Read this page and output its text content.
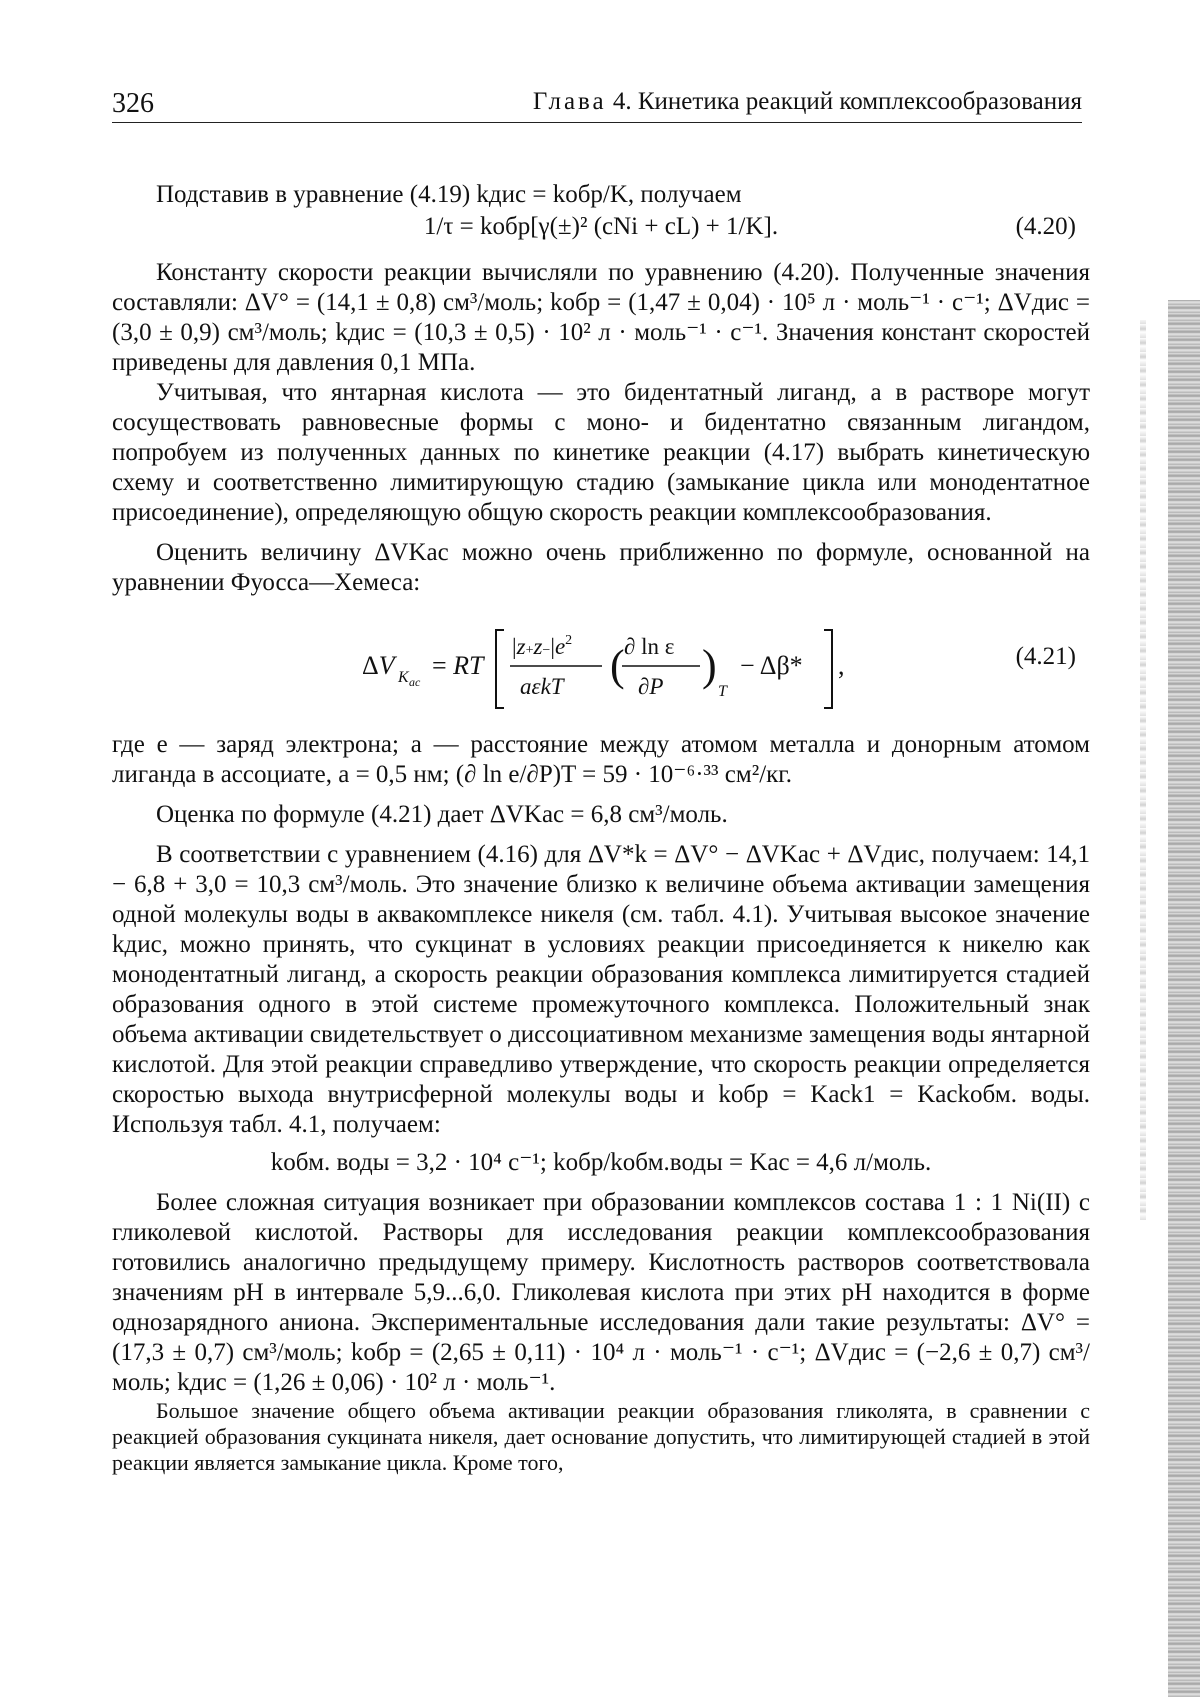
326	Глава 4. Кинетика реакций комплексообразования

Подставив в уравнение (4.19) kдис = kобр/K, получаем

1/τ = kобр[γ(±)² (cNi + cL) + 1/K].	(4.20)

Константу скорости реакции вычисляли по уравнению (4.20). Полученные значения составляли: ΔV° = (14,1 ± 0,8) см³/моль; kобр = (1,47 ± 0,04) · 10⁵ л · моль⁻¹ · с⁻¹; ΔVдис = (3,0 ± 0,9) см³/моль; kдис = (10,3 ± 0,5) · 10² л · моль⁻¹ · с⁻¹. Значения констант скоростей приведены для давления 0,1 МПа.

Учитывая, что янтарная кислота — это бидентатный лиганд, а в растворе могут сосуществовать равновесные формы с моно- и бидентатно связанным лигандом, попробуем из полученных данных по кинетике реакции (4.17) выбрать кинетическую схему и соответственно лимитирующую стадию (замыкание цикла или монодентатное присоединение), определяющую общую скорость реакции комплексообразования.

Оценить величину ΔVKac можно очень приближенно по формуле, основанной на уравнении Фуосса—Хемеса:

ΔV K ac
= RT
$|z+z-|e^2$
aεkT ( ∂ ln ε
∂P )
T
− Δβ* ,	(4.21)

где e — заряд электрона; a — расстояние между атомом металла и донорным атомом лиганда в ассоциате, a = 0,5 нм; (∂ ln e/∂P)T = 59 · 10⁻⁶·³³ см²/кг.

Оценка по формуле (4.21) дает ΔVKac = 6,8 см³/моль.

В соответствии с уравнением (4.16) для ΔV*k = ΔV° − ΔVKac + ΔVдис, получаем: 14,1 − 6,8 + 3,0 = 10,3 см³/моль. Это значение близко к величине объема активации замещения одной молекулы воды в аквакомплексе никеля (см. табл. 4.1). Учитывая высокое значение kдис, можно принять, что сукцинат в условиях реакции присоединяется к никелю как монодентатный лиганд, а скорость реакции образования комплекса лимитируется стадией образования одного в этой системе промежуточного комплекса. Положительный знак объема активации свидетельствует о диссоциативном механизме замещения воды янтарной кислотой. Для этой реакции справедливо утверждение, что скорость реакции определяется скоростью выхода внутрисферной молекулы воды и kобр = Kack1 = Kackобм. воды. Используя табл. 4.1, получаем:

kобм. воды = 3,2 · 10⁴ с⁻¹; kобр/kобм.воды = Kac = 4,6 л/моль.

Более сложная ситуация возникает при образовании комплексов состава 1 : 1 Ni(II) с гликолевой кислотой. Растворы для исследования реакции комплексообразования готовились аналогично предыдущему примеру. Кислотность растворов соответствовала значениям pH в интервале 5,9...6,0. Гликолевая кислота при этих pH находится в форме однозарядного аниона. Экспериментальные исследования дали такие результаты: ΔV° = (17,3 ± 0,7) см³/моль; kобр = (2,65 ± 0,11) · 10⁴ л · моль⁻¹ · с⁻¹; ΔVдис = (−2,6 ± 0,7) см³/моль; kдис = (1,26 ± 0,06) · 10² л · моль⁻¹.

Большое значение общего объема активации реакции образования гликолята, в сравнении с реакцией образования сукцината никеля, дает основание допустить, что лимитирующей стадией в этой реакции является замыкание цикла. Кроме того,
